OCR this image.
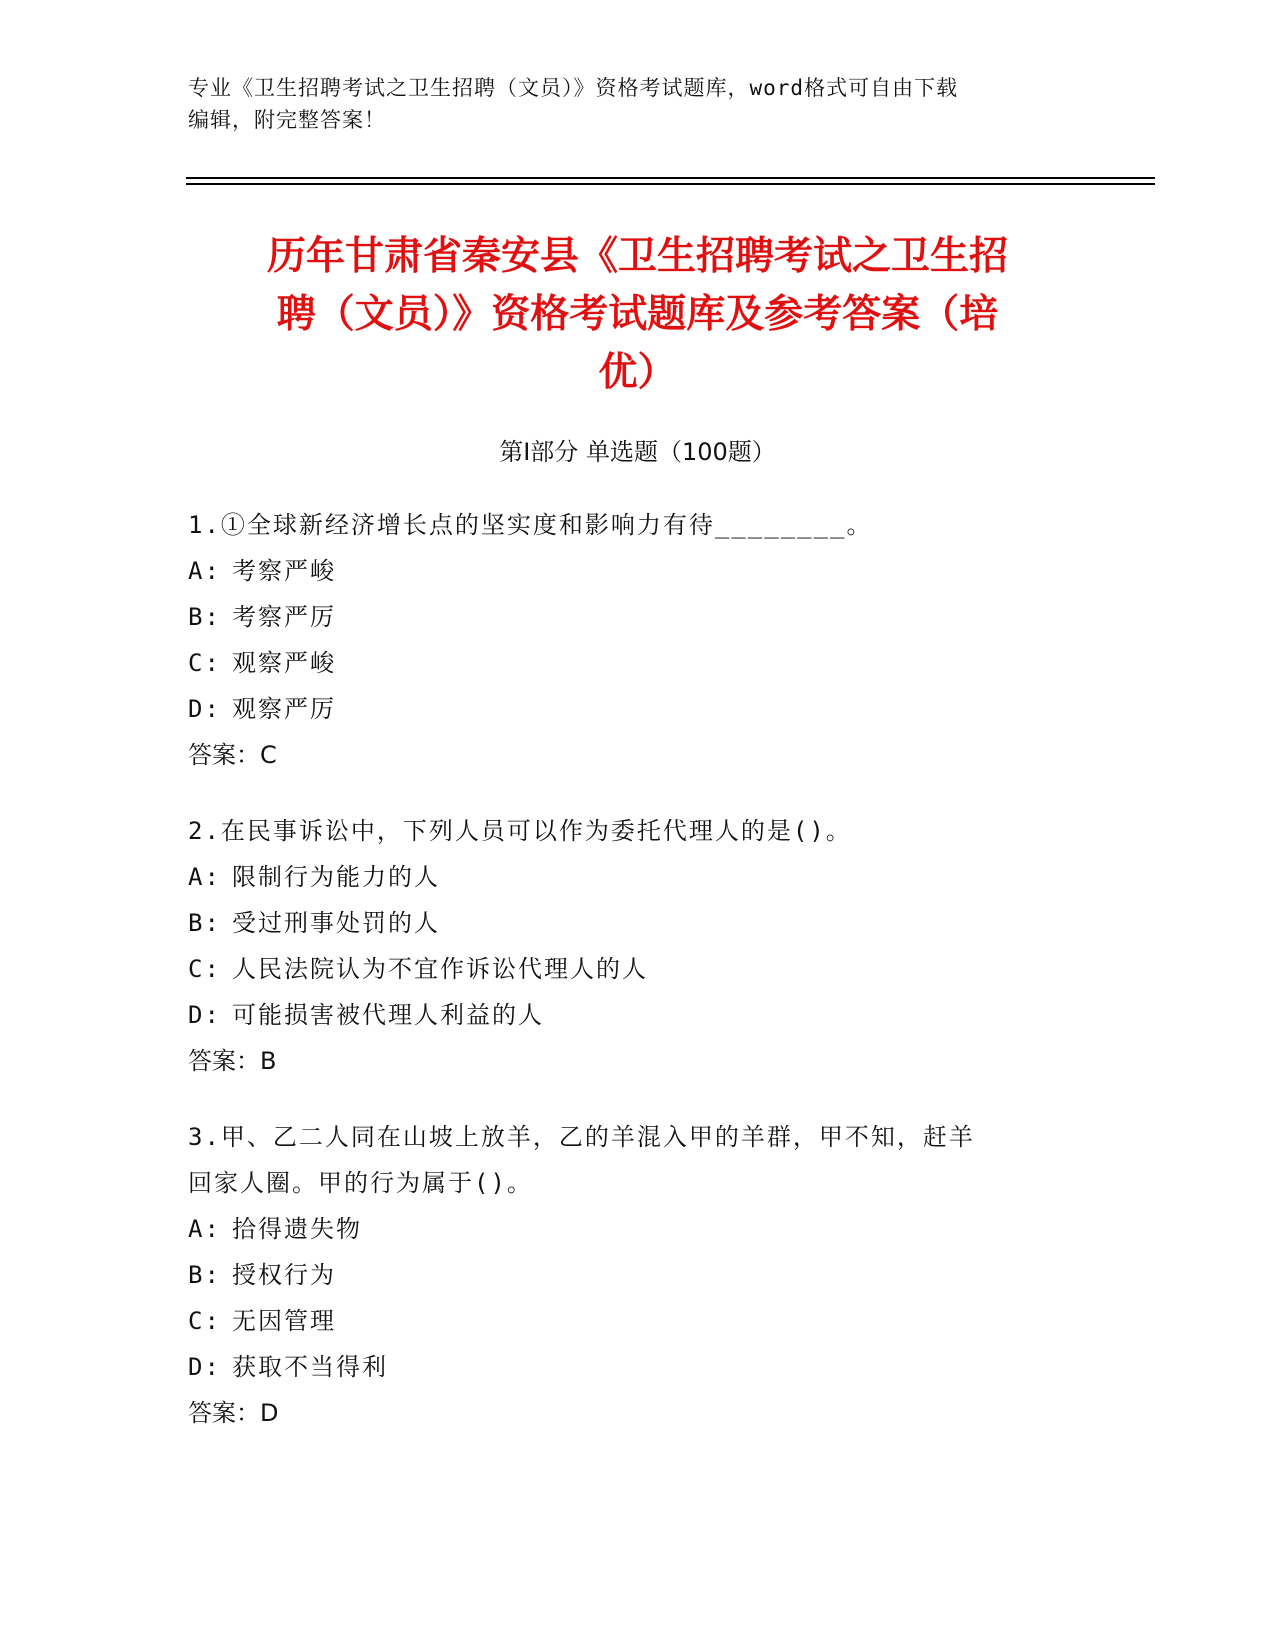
专业《卫生招聘考试之卫生招聘（文员）》资格考试题库，word格式可自由下载
编辑，附完整答案！
历年甘肃省秦安县《卫生招聘考试之卫生招
聘（文员）》资格考试题库及参考答案（培
优）
第Ⅰ部分 单选题（100题）
1.①全球新经济增长点的坚实度和影响力有待________。
A: 考察严峻
B: 考察严厉
C: 观察严峻
D: 观察严厉
答案：C
2.在民事诉讼中，下列人员可以作为委托代理人的是()。
A: 限制行为能力的人
B: 受过刑事处罚的人
C: 人民法院认为不宜作诉讼代理人的人
D: 可能损害被代理人利益的人
答案：B
3.甲、乙二人同在山坡上放羊，乙的羊混入甲的羊群，甲不知，赶羊
回家人圈。甲的行为属于()。
A: 拾得遗失物
B: 授权行为
C: 无因管理
D: 获取不当得利
答案：D
